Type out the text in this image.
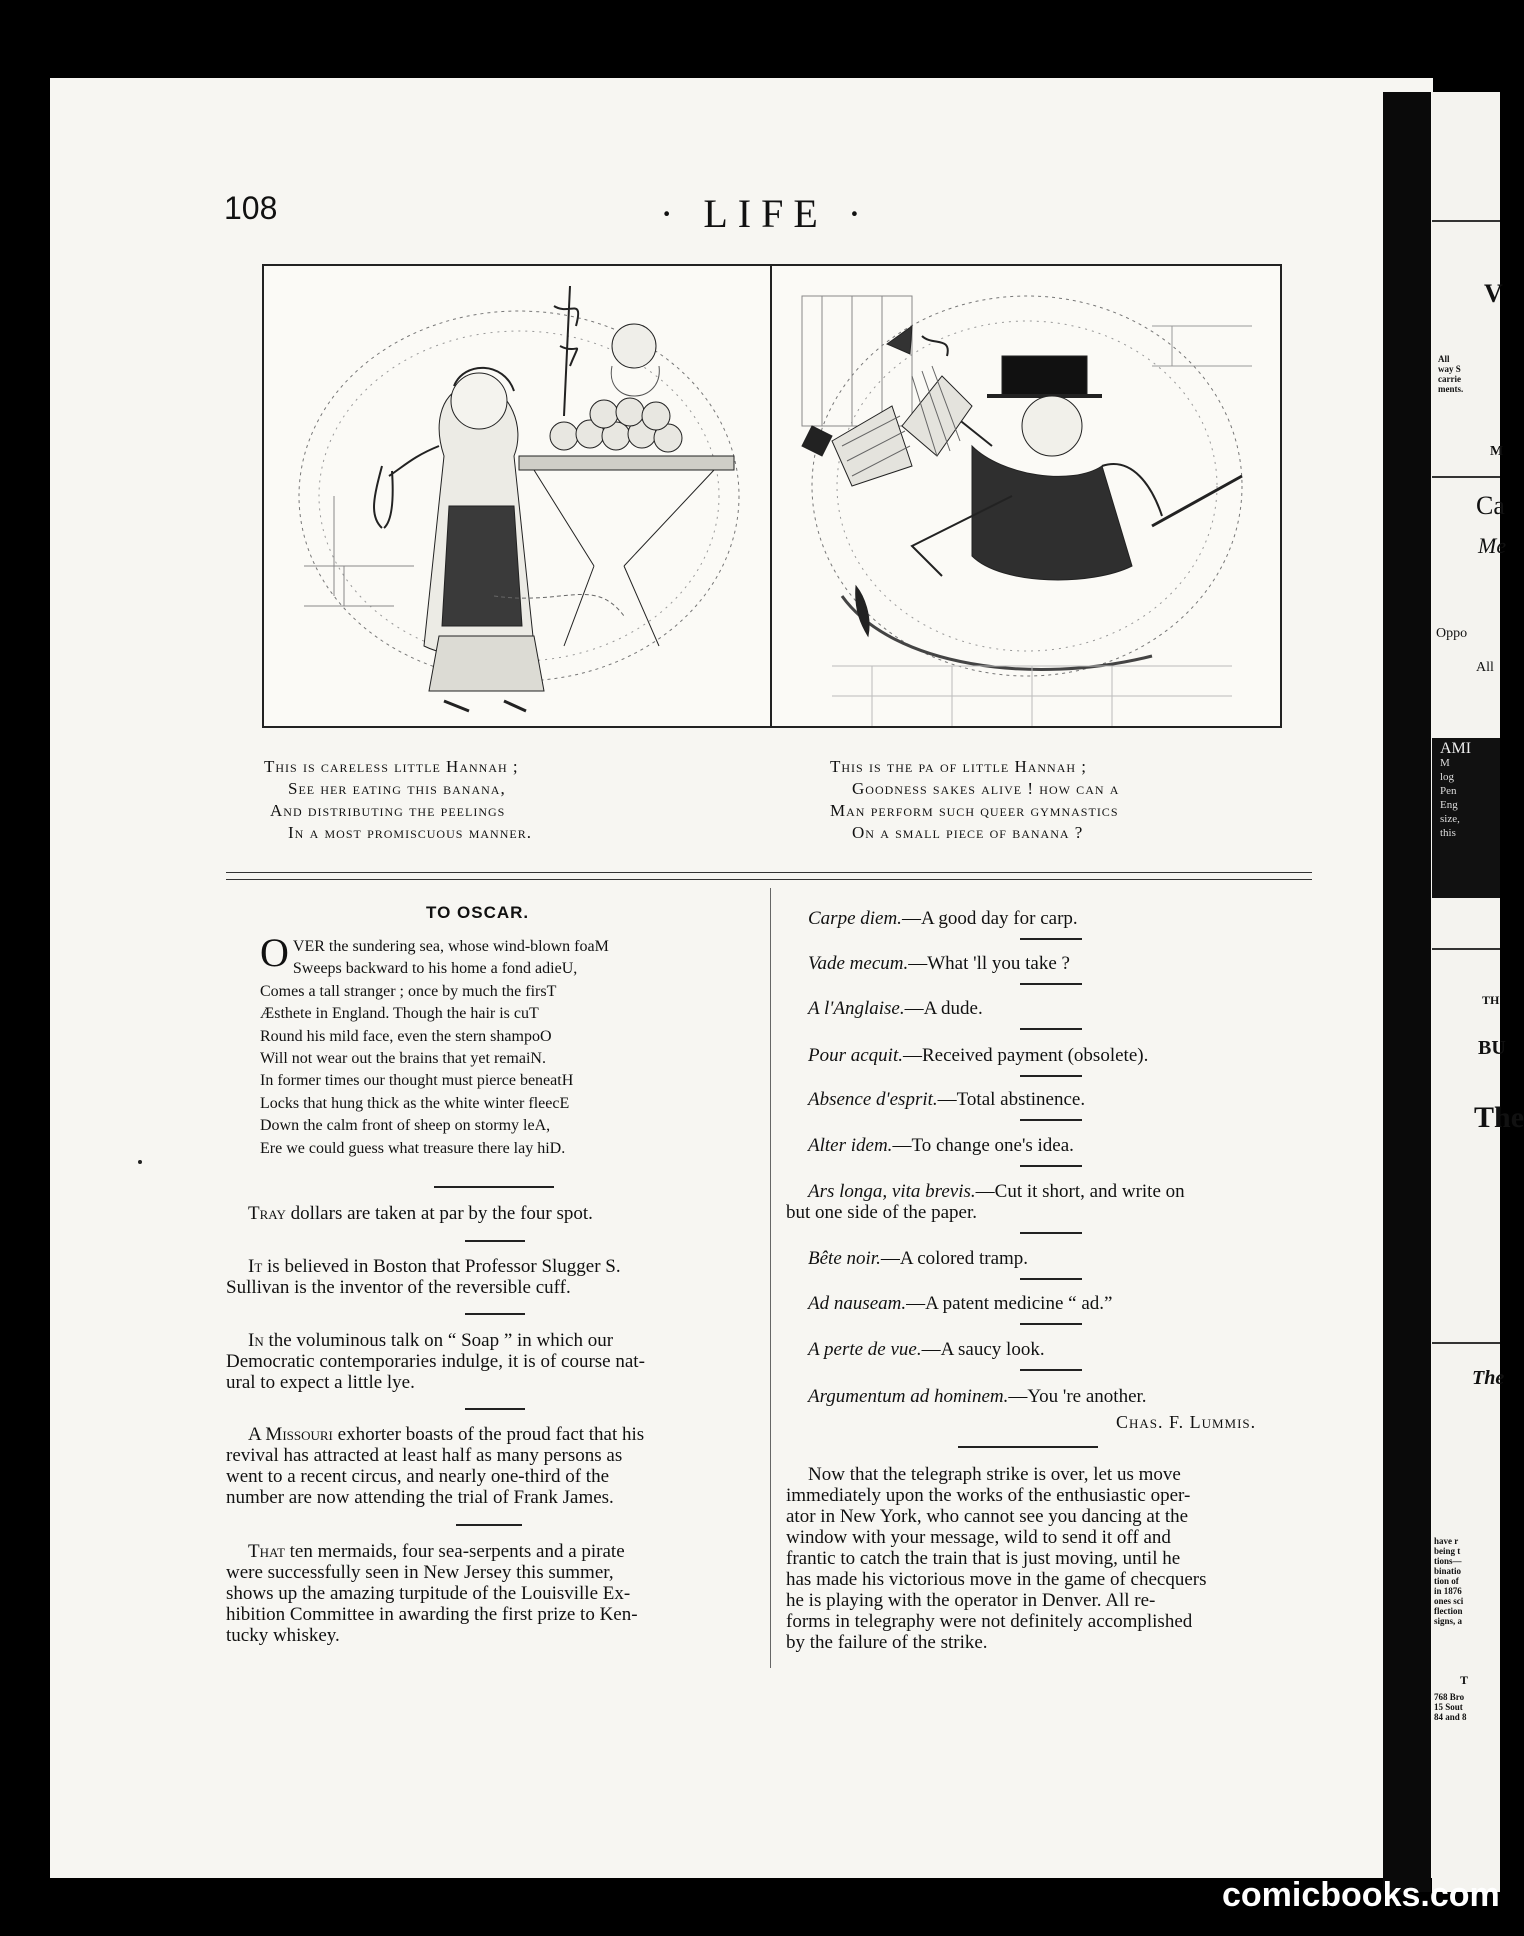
V
All
way S
carrie
ments.
M
Ca
Me
Oppo
All
AMI
M
log
Pen
Eng
size,
this
TH
BU
The
The
have r
being t
tions—
binatio
tion of
in 1876
ones sci
flection
signs, a
T
768 Bro
15 Sout
84 and 8
108	· LIFE ·
This is careless little Hannah ;
See her eating this banana,
And distributing the peelings
In a most promiscuous manner.
This is the pa of little Hannah ;
Goodness sakes alive ! how can a
Man perform such queer gymnastics
On a small piece of banana ?
TO OSCAR.
O VER the sundering sea, whose wind-blown foaM
Sweeps backward to his home a fond adieU,
Comes a tall stranger ; once by much the firsT
Æsthete in England. Though the hair is cuT
Round his mild face, even the stern shampoO
Will not wear out the brains that yet remaiN.
In former times our thought must pierce beneatH
Locks that hung thick as the white winter fleecE
Down the calm front of sheep on stormy leA,
Ere we could guess what treasure there lay hiD.
Tray dollars are taken at par by the four spot.
It is believed in Boston that Professor Slugger S.
Sullivan is the inventor of the reversible cuff.
In the voluminous talk on “ Soap ” in which our
Democratic contemporaries indulge, it is of course nat-
ural to expect a little lye.
A Missouri exhorter boasts of the proud fact that his
revival has attracted at least half as many persons as
went to a recent circus, and nearly one-third of the
number are now attending the trial of Frank James.
That ten mermaids, four sea-serpents and a pirate
were successfully seen in New Jersey this summer,
shows up the amazing turpitude of the Louisville Ex-
hibition Committee in awarding the first prize to Ken-
tucky whiskey.
Carpe diem.—A good day for carp.
Vade mecum.—What 'll you take ?
A l'Anglaise.—A dude.
Pour acquit.—Received payment (obsolete).
Absence d'esprit.—Total abstinence.
Alter idem.—To change one's idea.
Ars longa, vita brevis.—Cut it short, and write on
but one side of the paper.
Bête noir.—A colored tramp.
Ad nauseam.—A patent medicine “ ad.”
A perte de vue.—A saucy look.
Argumentum ad hominem.—You 're another.
Chas. F. Lummis.
Now that the telegraph strike is over, let us move
immediately upon the works of the enthusiastic oper-
ator in New York, who cannot see you dancing at the
window with your message, wild to send it off and
frantic to catch the train that is just moving, until he
has made his victorious move in the game of checquers
he is playing with the operator in Denver. All re-
forms in telegraphy were not definitely accomplished
by the failure of the strike.
comicbooks.com
